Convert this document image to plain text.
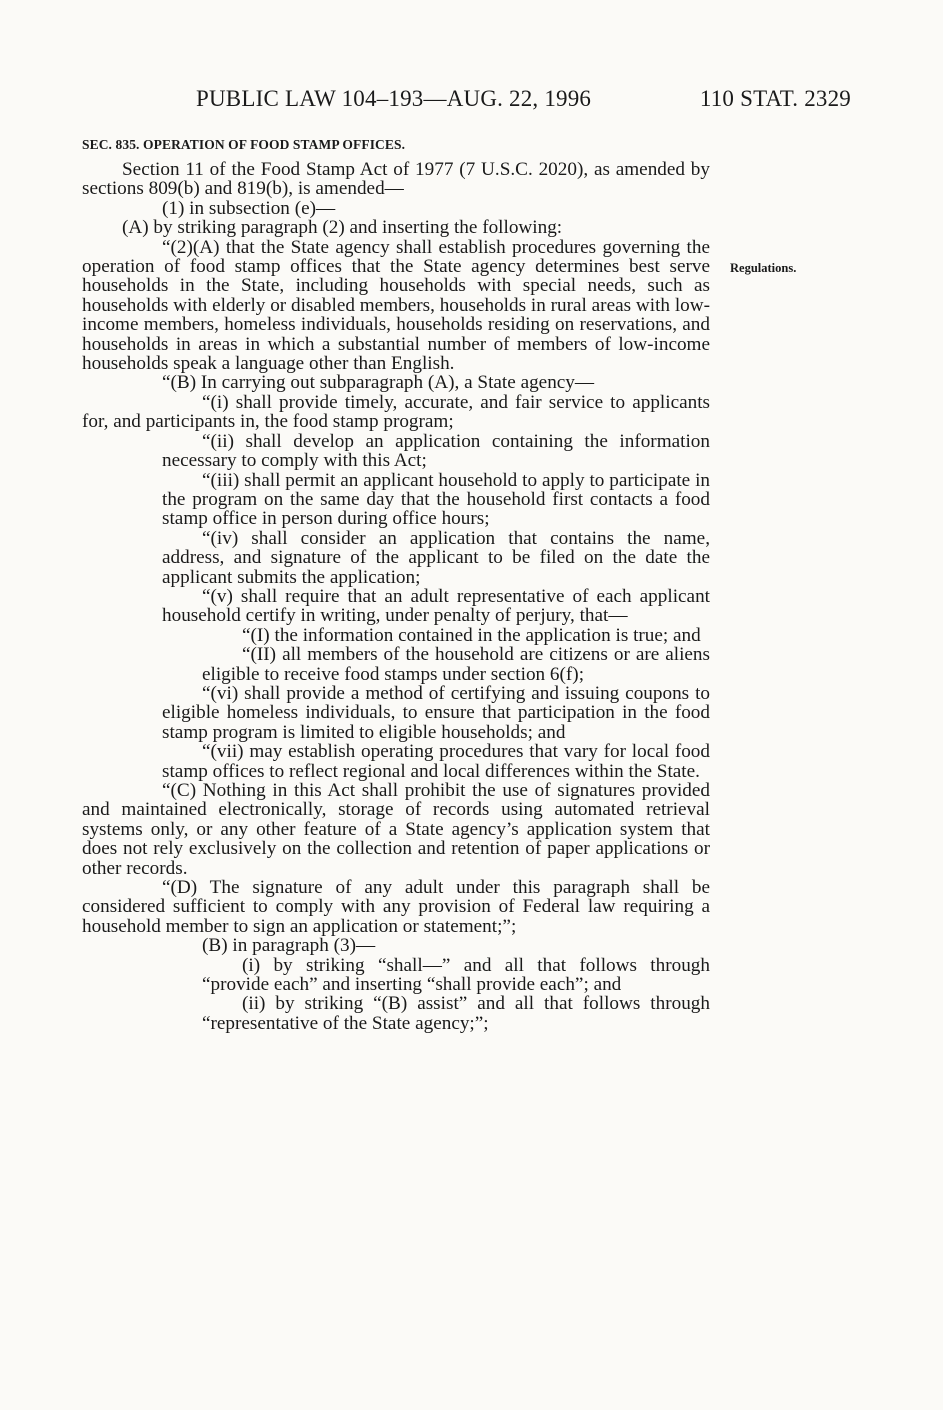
PUBLIC LAW 104–193—AUG. 22, 1996	110 STAT. 2329
SEC. 835. OPERATION OF FOOD STAMP OFFICES.
Regulations.

Section 11 of the Food Stamp Act of 1977 (7 U.S.C. 2020), as amended by sections 809(b) and 819(b), is amended—

(1) in subsection (e)—

(A) by striking paragraph (2) and inserting the following:

“(2)(A) that the State agency shall establish procedures governing the operation of food stamp offices that the State agency determines best serve households in the State, including households with special needs, such as households with elderly or disabled members, households in rural areas with low-income members, homeless individuals, households residing on reservations, and households in areas in which a substantial number of members of low-income households speak a language other than English.

“(B) In carrying out subparagraph (A), a State agency—

“(i) shall provide timely, accurate, and fair service to applicants for, and participants in, the food stamp program;

“(ii) shall develop an application containing the information necessary to comply with this Act;

“(iii) shall permit an applicant household to apply to participate in the program on the same day that the household first contacts a food stamp office in person during office hours;

“(iv) shall consider an application that contains the name, address, and signature of the applicant to be filed on the date the applicant submits the application;

“(v) shall require that an adult representative of each applicant household certify in writing, under penalty of perjury, that—

“(I) the information contained in the application is true; and

“(II) all members of the household are citizens or are aliens eligible to receive food stamps under section 6(f);

“(vi) shall provide a method of certifying and issuing coupons to eligible homeless individuals, to ensure that participation in the food stamp program is limited to eligible households; and

“(vii) may establish operating procedures that vary for local food stamp offices to reflect regional and local differences within the State.

“(C) Nothing in this Act shall prohibit the use of signatures provided and maintained electronically, storage of records using automated retrieval systems only, or any other feature of a State agency’s application system that does not rely exclusively on the collection and retention of paper applications or other records.

“(D) The signature of any adult under this paragraph shall be considered sufficient to comply with any provision of Federal law requiring a household member to sign an application or statement;”;

(B) in paragraph (3)—

(i) by striking “shall—” and all that follows through “provide each” and inserting “shall provide each”; and

(ii) by striking “(B) assist” and all that follows through “representative of the State agency;”;
